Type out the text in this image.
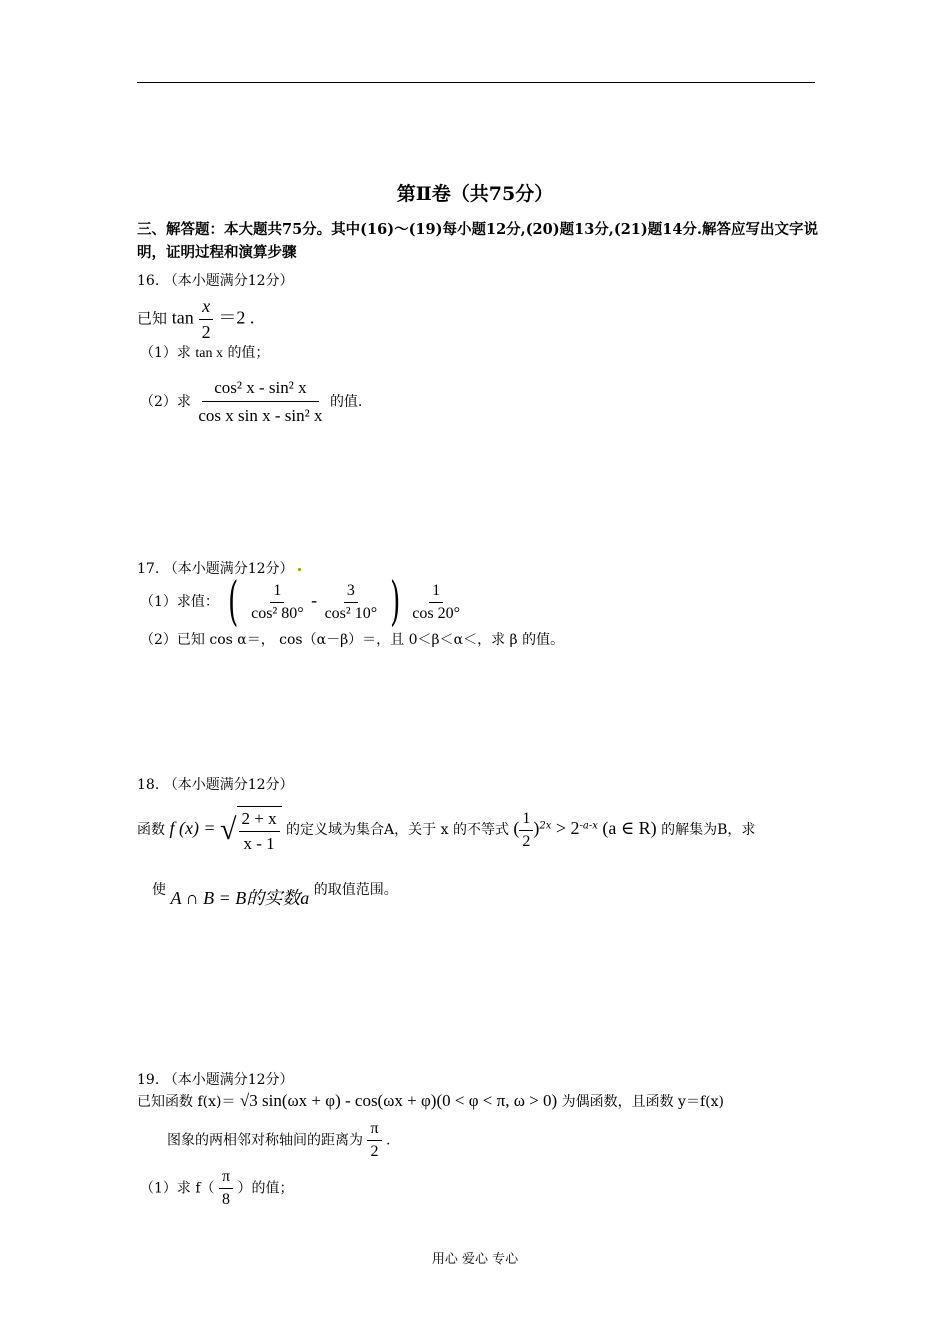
第Ⅱ卷（共75分）
三、解答题：本大题共75分。其中(16)～(19)每小题12分,(20)题13分,(21)题14分.解答应写出文字说明，证明过程和演算步骤
16. （本小题满分12分）
已知 $\tan \frac{x}{2} =2$ .
（1）求 tan x 的值；
（2）求 $\frac{\text{cos² x - sin² x}}{\text{cos x sin x - sin² x}}$ 的值.
17. （本小题满分12分）
（1）求值： ( $\frac{1}{\text{cos² 80°}} - \frac{3}{\text{cos² 10°}}$ ) $\frac{1}{\cos 20^\circ}$
（2）已知 cos α＝， cos（α－β）＝，且 0＜β＜α＜，求 β 的值。
18. （本小题满分12分）
函数 f (x) = √ $\frac{2 + x}{x - 1}$ 的定义域为集合A，关于 x 的不等式 ( $\frac{1}{2} )^{2x} > 2^{-a-x}$ (a ∈ R) 的解集为B，求
使 A ∩ B = B的实数a 的取值范围。
19. （本小题满分12分）
已知函数 f(x)＝ √3 sin(ωx + φ) - cos(ωx + φ)(0 < φ < π, ω > 0) 为偶函数，且函数 y＝f(x)
图象的两相邻对称轴间的距离为 $\frac{\pi}{2}$ .
（1）求 $f( \frac{\pi}{8}$ ）的值；
用心 爱心 专心
